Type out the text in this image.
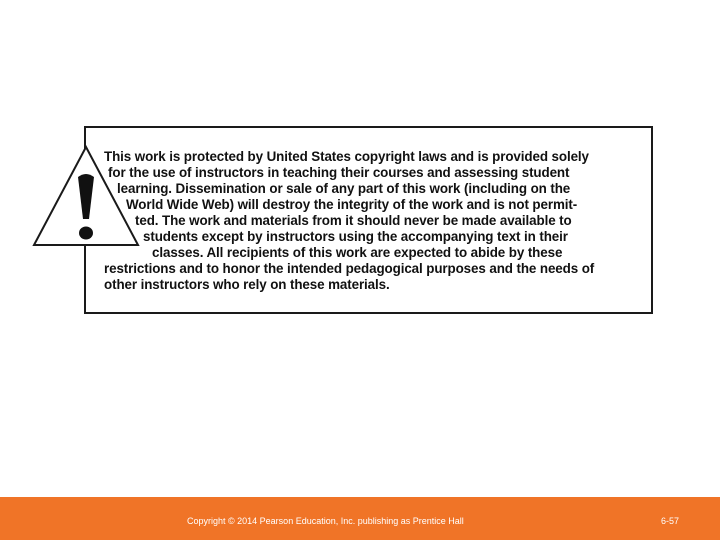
This work is protected by United States copyright laws and is provided solely
for the use of instructors in teaching their courses and assessing student
learning. Dissemination or sale of any part of this work (including on the
World Wide Web) will destroy the integrity of the work and is not permit-
ted. The work and materials from it should never be made available to
students except by instructors using the accompanying text in their
classes. All recipients of this work are expected to abide by these
restrictions and to honor the intended pedagogical purposes and the needs of
other instructors who rely on these materials.
Copyright © 2014 Pearson Education, Inc. publishing as Prentice Hall	6-57
